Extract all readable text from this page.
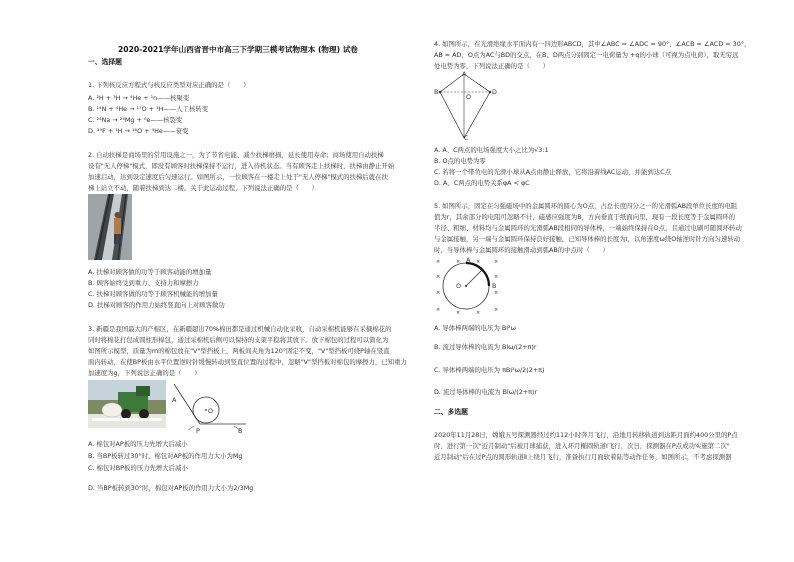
2020-2021学年山西省晋中市高三下学期三模考试物理本 (物理) 试卷
一、选择题
1. 下列核反应方程式与核反应类型对应正确的是（　　）
A. ²H + ³H → ⁴He + ¹n——核聚变
B. ¹⁴N + ⁴He → ¹⁷O + ¹H——人工核转变
C. ²⁴Na → ²⁴Mg + ⁰e——核裂变
D. ¹⁹F + ¹H → ¹⁶O + ⁴He——衰变
2. 自动扶梯是商场里的常用设施之一，为了节省电能、减少扶梯磨损，延长使用寿命；商场使用自动扶梯
设有"无人停梯"模式，即没有顾客时扶梯保持不运行，进入待机状态。当有顾客走上扶梯时，扶梯由静止开始
加速启动，达到设定速度后匀速运行。如图所示，一位顾客在一楼走上处于"无人停梯"模式的扶梯后就在扶
梯上站立不动，随着扶梯到达二楼。关于此运动过程，下列说法正确的是（　　）
A. 扶梯对顾客做的功等于顾客动能的增加量
B. 顾客始终受到重力、支持力和摩擦力
C. 扶梯对顾客做的功等于顾客机械能的增加量
D. 扶梯对顾客的作用力始终竖直向上对顾客做功
3. 新疆是我国最大的产棉区，在新疆超出70%棉田都是通过机械自动化采收，自动采棉机能够在采摘棉花的
同时将棉花打包成圆柱形棉包，通过采棉机后侧可以保持的支架平稳将其放下。放下棉包的过程可以简化为
如图所示模型，质量为m的棉包放在"V"型挡板上，两板间夹角为120°固定不变，"V"型挡板可绕P轴在竖直
面内转动，在使BP板由水平位置逆时针缓慢转动到竖直位置的过程中，忽略"V"型挡板对棉包的摩擦力，已知重力
加速度为g，下列说法正确的是（　　）
O
A
B
P
A. 棉包对AP板的压力先增大后减小
B. 当BP板转过30°时，棉包对AP板的作用力大小为Mg
C. 棉包对BP板的压力先增大后减小
D. 当BP板转到30°时，棉包对AP板的作用力大小为2/3Mg
4. 如图所示，在光滑绝缘水平面内有一四边形ABCD，其中∠ABC = ∠ADC = 90°，∠ACB = ∠ACD = 30°，
AB = AD，O点为AC与BD的交点，在B、D两点分别固定一电荷量为 +q的小球（可视为点电荷），取无穷远
处电势为零，下列说法正确的是（　　）
A
B
C
D
O
A. A、C两点的电场强度大小之比为√3:1
B. O点的电势为零
C. 若将一个带负电的光滑小球从A点由静止释放，它将沿着线AC运动，并能到达C点
D. A、C两点的电势关系φA < φC
5. 如图所示，固定在匀强磁场中的金属圆环的圆心为O点，占总长度四分之一的光滑弧AB段单位长度的电阻
值为r，其余部分的电阻可忽略不计，磁感应强度为B，方向垂直于纸面向里，现有一段长度等于金属圆环的
半径、粗细、材料均与金属圆环的光滑弧AB段相同的导体棒，一端始终保持在O点，且通过电刷可随圆环转动
与金属接触，另一端与金属圆环保持良好接触，已知导体棒的长度为l，以角速度ω绕O轴逆时针方向匀速转动
时，当导体棒与金属圆环的接触滑动到弧AB的中点时（　　）
×	×	×	×
×	×
×	×
×	×	×	×
O
A
B
A. 导体棒两端的电压为 Bl²ω
B. 流过导体棒的电流为 Blω/(2+π)r
C. 导体棒两端的电压为 πBl²ω/2(2+π)
D. 流过导体棒的电流为 Blω/(2+π)r
二、多选题
2020年11月28日，嫦娥五号探测器经过约112小时奔月飞行，沿地月转移轨道到达距月面约400公里的P点
时，进行第一次"近月制动"后被月球捕获，进入环月椭圆轨道Ⅰ飞行，次日，探测器在P点成功实施第二次"
近月制动"后在过P点的圆形轨道Ⅱ上绕月飞行，准备执行月面软着陆等动作任务，如图所示，不考虑探测器
